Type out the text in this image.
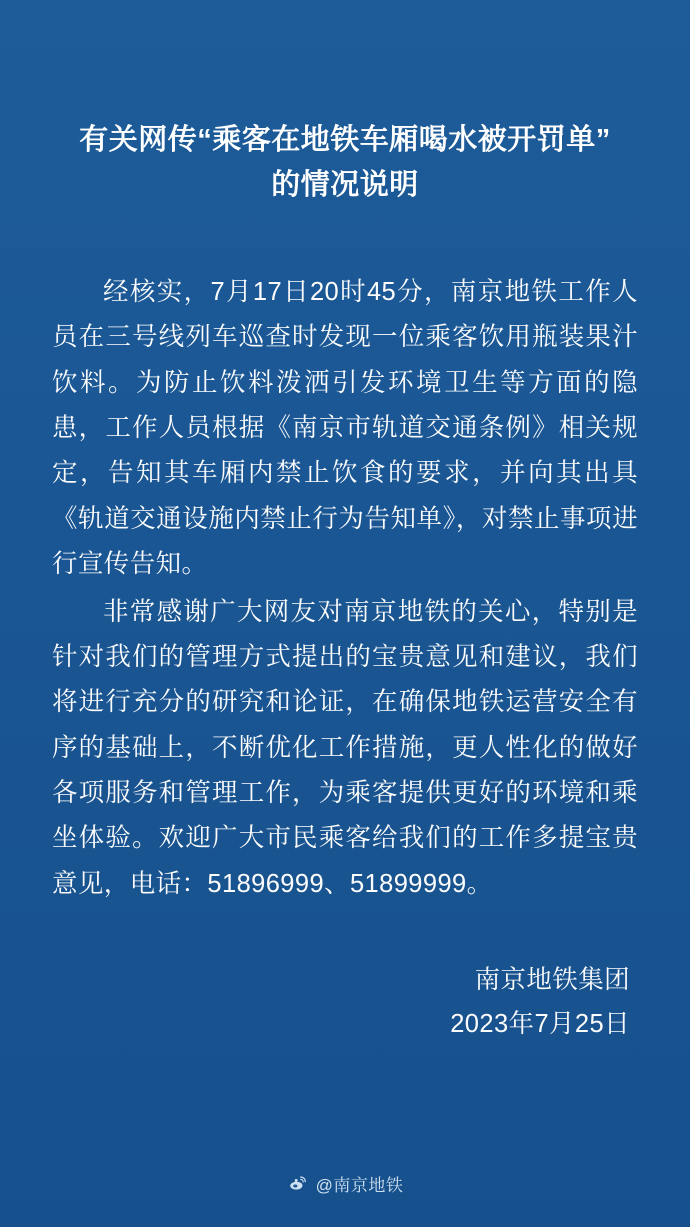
有关网传“乘客在地铁车厢喝水被开罚单”
的情况说明

经核实，7月17日20时45分，南京地铁工作人员在三号线列车巡查时发现一位乘客饮用瓶装果汁饮料。为防止饮料泼洒引发环境卫生等方面的隐患，工作人员根据《南京市轨道交通条例》相关规定，告知其车厢内禁止饮食的要求，并向其出具《轨道交通设施内禁止行为告知单》，对禁止事项进行宣传告知。

非常感谢广大网友对南京地铁的关心，特别是针对我们的管理方式提出的宝贵意见和建议，我们将进行充分的研究和论证，在确保地铁运营安全有序的基础上，不断优化工作措施，更人性化的做好各项服务和管理工作，为乘客提供更好的环境和乘坐体验。欢迎广大市民乘客给我们的工作多提宝贵意见，电话：51896999、51899999。

南京地铁集团
2023年7月25日
@南京地铁
